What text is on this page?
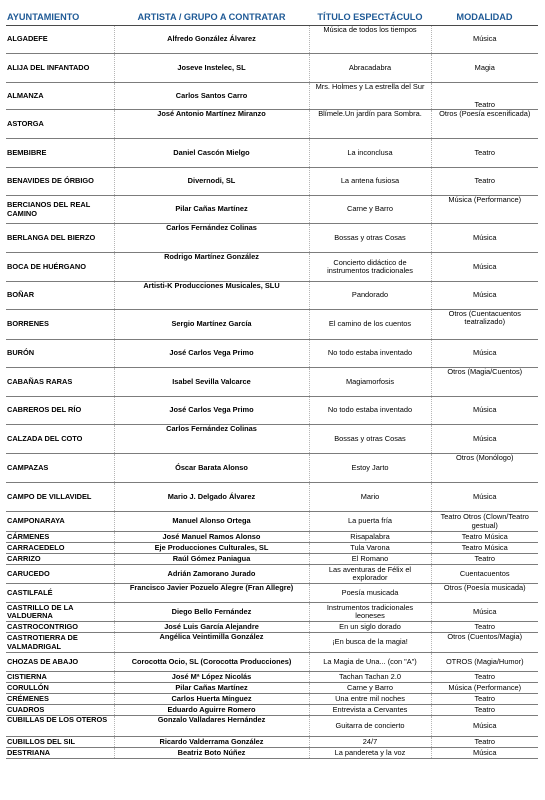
AYUNTAMIENTO	ARTISTA / GRUPO A CONTRATAR	TÍTULO ESPECTÁCULO	MODALIDAD
ALGADEFE	Alfredo González Álvarez	Música de todos los tiempos	Música
ALIJA DEL INFANTADO	Joseve Instelec, SL	Abracadabra	Magia
ALMANZA	Carlos Santos Carro	Mrs. Holmes y La estrella del Sur	Teatro
ASTORGA	José Antonio Martínez Miranzo	Blímele.Un jardín para Sombra.	Otros (Poesía escenificada)
BEMBIBRE	Daniel Cascón Mielgo	La inconclusa	Teatro
BENAVIDES DE ÓRBIGO	Divernodi, SL	La antena fusiosa	Teatro
BERCIANOS DEL REAL CAMINO	Pilar Cañas Martínez	Carne y Barro	Música (Performance)
BERLANGA DEL BIERZO	Carlos Fernández Colinas	Bossas y otras Cosas	Música
BOCA DE HUÉRGANO	Rodrigo Martínez González	Concierto didáctico de instrumentos tradicionales	Música
BOÑAR	Artisti-K Producciones Musicales, SLU	Pandorado	Música
BORRENES	Sergio Martínez García	El camino de los cuentos	Otros (Cuentacuentos teatralizado)
BURÓN	José Carlos Vega Primo	No todo estaba inventado	Música
CABAÑAS RARAS	Isabel Sevilla Valcarce	Magiamorfosis	Otros (Magia/Cuentos)
CABREROS DEL RÍO	José Carlos Vega Primo	No todo estaba inventado	Música
CALZADA DEL COTO	Carlos Fernández Colinas	Bossas y otras Cosas	Música
CAMPAZAS	Óscar Barata Alonso	Estoy Jarto	Otros (Monólogo)
CAMPO DE VILLAVIDEL	Mario J. Delgado Álvarez	Mario	Música
CAMPONARAYA	Manuel Alonso Ortega	La puerta fría	Teatro Otros (Clown/Teatro gestual)
CÁRMENES	José Manuel Ramos Alonso	Risapalabra	Teatro Música
CARRACEDELO	Eje Producciones Culturales, SL	Tula Varona	Teatro Música
CARRIZO	Raúl Gómez Paniagua	El Romano	Teatro
CARUCEDO	Adrián Zamorano Jurado	Las aventuras de Félix el explorador	Cuentacuentos
CASTILFALÉ	Francisco Javier Pozuelo Alegre (Fran Allegre)	Poesía musicada	Otros (Poesía musicada)
CASTRILLO DE LA VALDUERNA	Diego Bello Fernández	Instrumentos tradicionales leoneses	Música
CASTROCONTRIGO	José Luis García Alejandre	En un siglo dorado	Teatro
CASTROTIERRA DE VALMADRIGAL	Angélica Veintimilla González	¡En busca de la magia!	Otros (Cuentos/Magia)
CHOZAS DE ABAJO	Corocotta Ocio, SL (Corocotta Producciones)	La Magia de Una... (con "A")	OTROS (Magia/Humor)
CISTIERNA	José Mª López Nicolás	Tachan Tachan 2.0	Teatro
CORULLÓN	Pilar Cañas Martínez	Carne y Barro	Música (Performance)
CRÉMENES	Carlos Huerta Mínguez	Una entre mil noches	Teatro
CUADROS	Eduardo Aguirre Romero	Entrevista a Cervantes	Teatro
CUBILLAS DE LOS OTEROS	Gonzalo Valladares Hernández	Guitarra de concierto	Música
CUBILLOS DEL SIL	Ricardo Valderrama González	24/7	Teatro
DESTRIANA	Beatriz Boto Núñez	La pandereta y la voz	Música
